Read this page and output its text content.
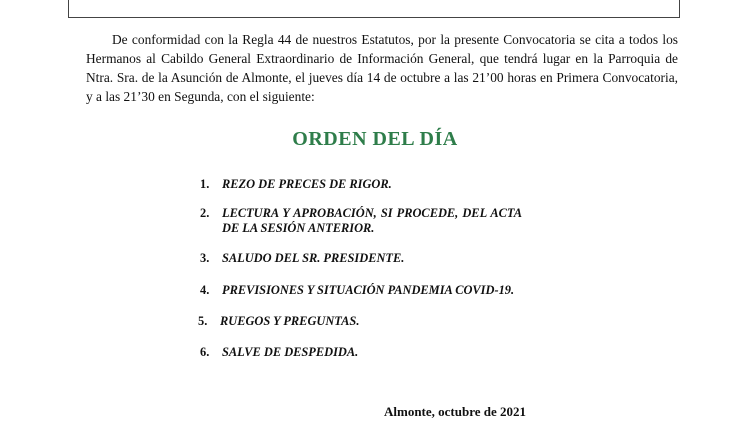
De conformidad con la Regla 44 de nuestros Estatutos, por la presente Convocatoria se cita a todos los Hermanos al Cabildo General Extraordinario de Información General, que tendrá lugar en la Parroquia de Ntra. Sra. de la Asunción de Almonte, el jueves día 14 de octubre a las 21’00 horas en Primera Convocatoria, y a las 21’30 en Segunda, con el siguiente:

ORDEN DEL DÍA
1. REZO DE PRECES DE RIGOR.
2. LECTURA Y APROBACIÓN, SI PROCEDE, DEL ACTA DE LA SESIÓN ANTERIOR.
3. SALUDO DEL SR. PRESIDENTE.
4. PREVISIONES Y SITUACIÓN PANDEMIA COVID-19.
5. RUEGOS Y PREGUNTAS.
6. SALVE DE DESPEDIDA.
Almonte, octubre de 2021
